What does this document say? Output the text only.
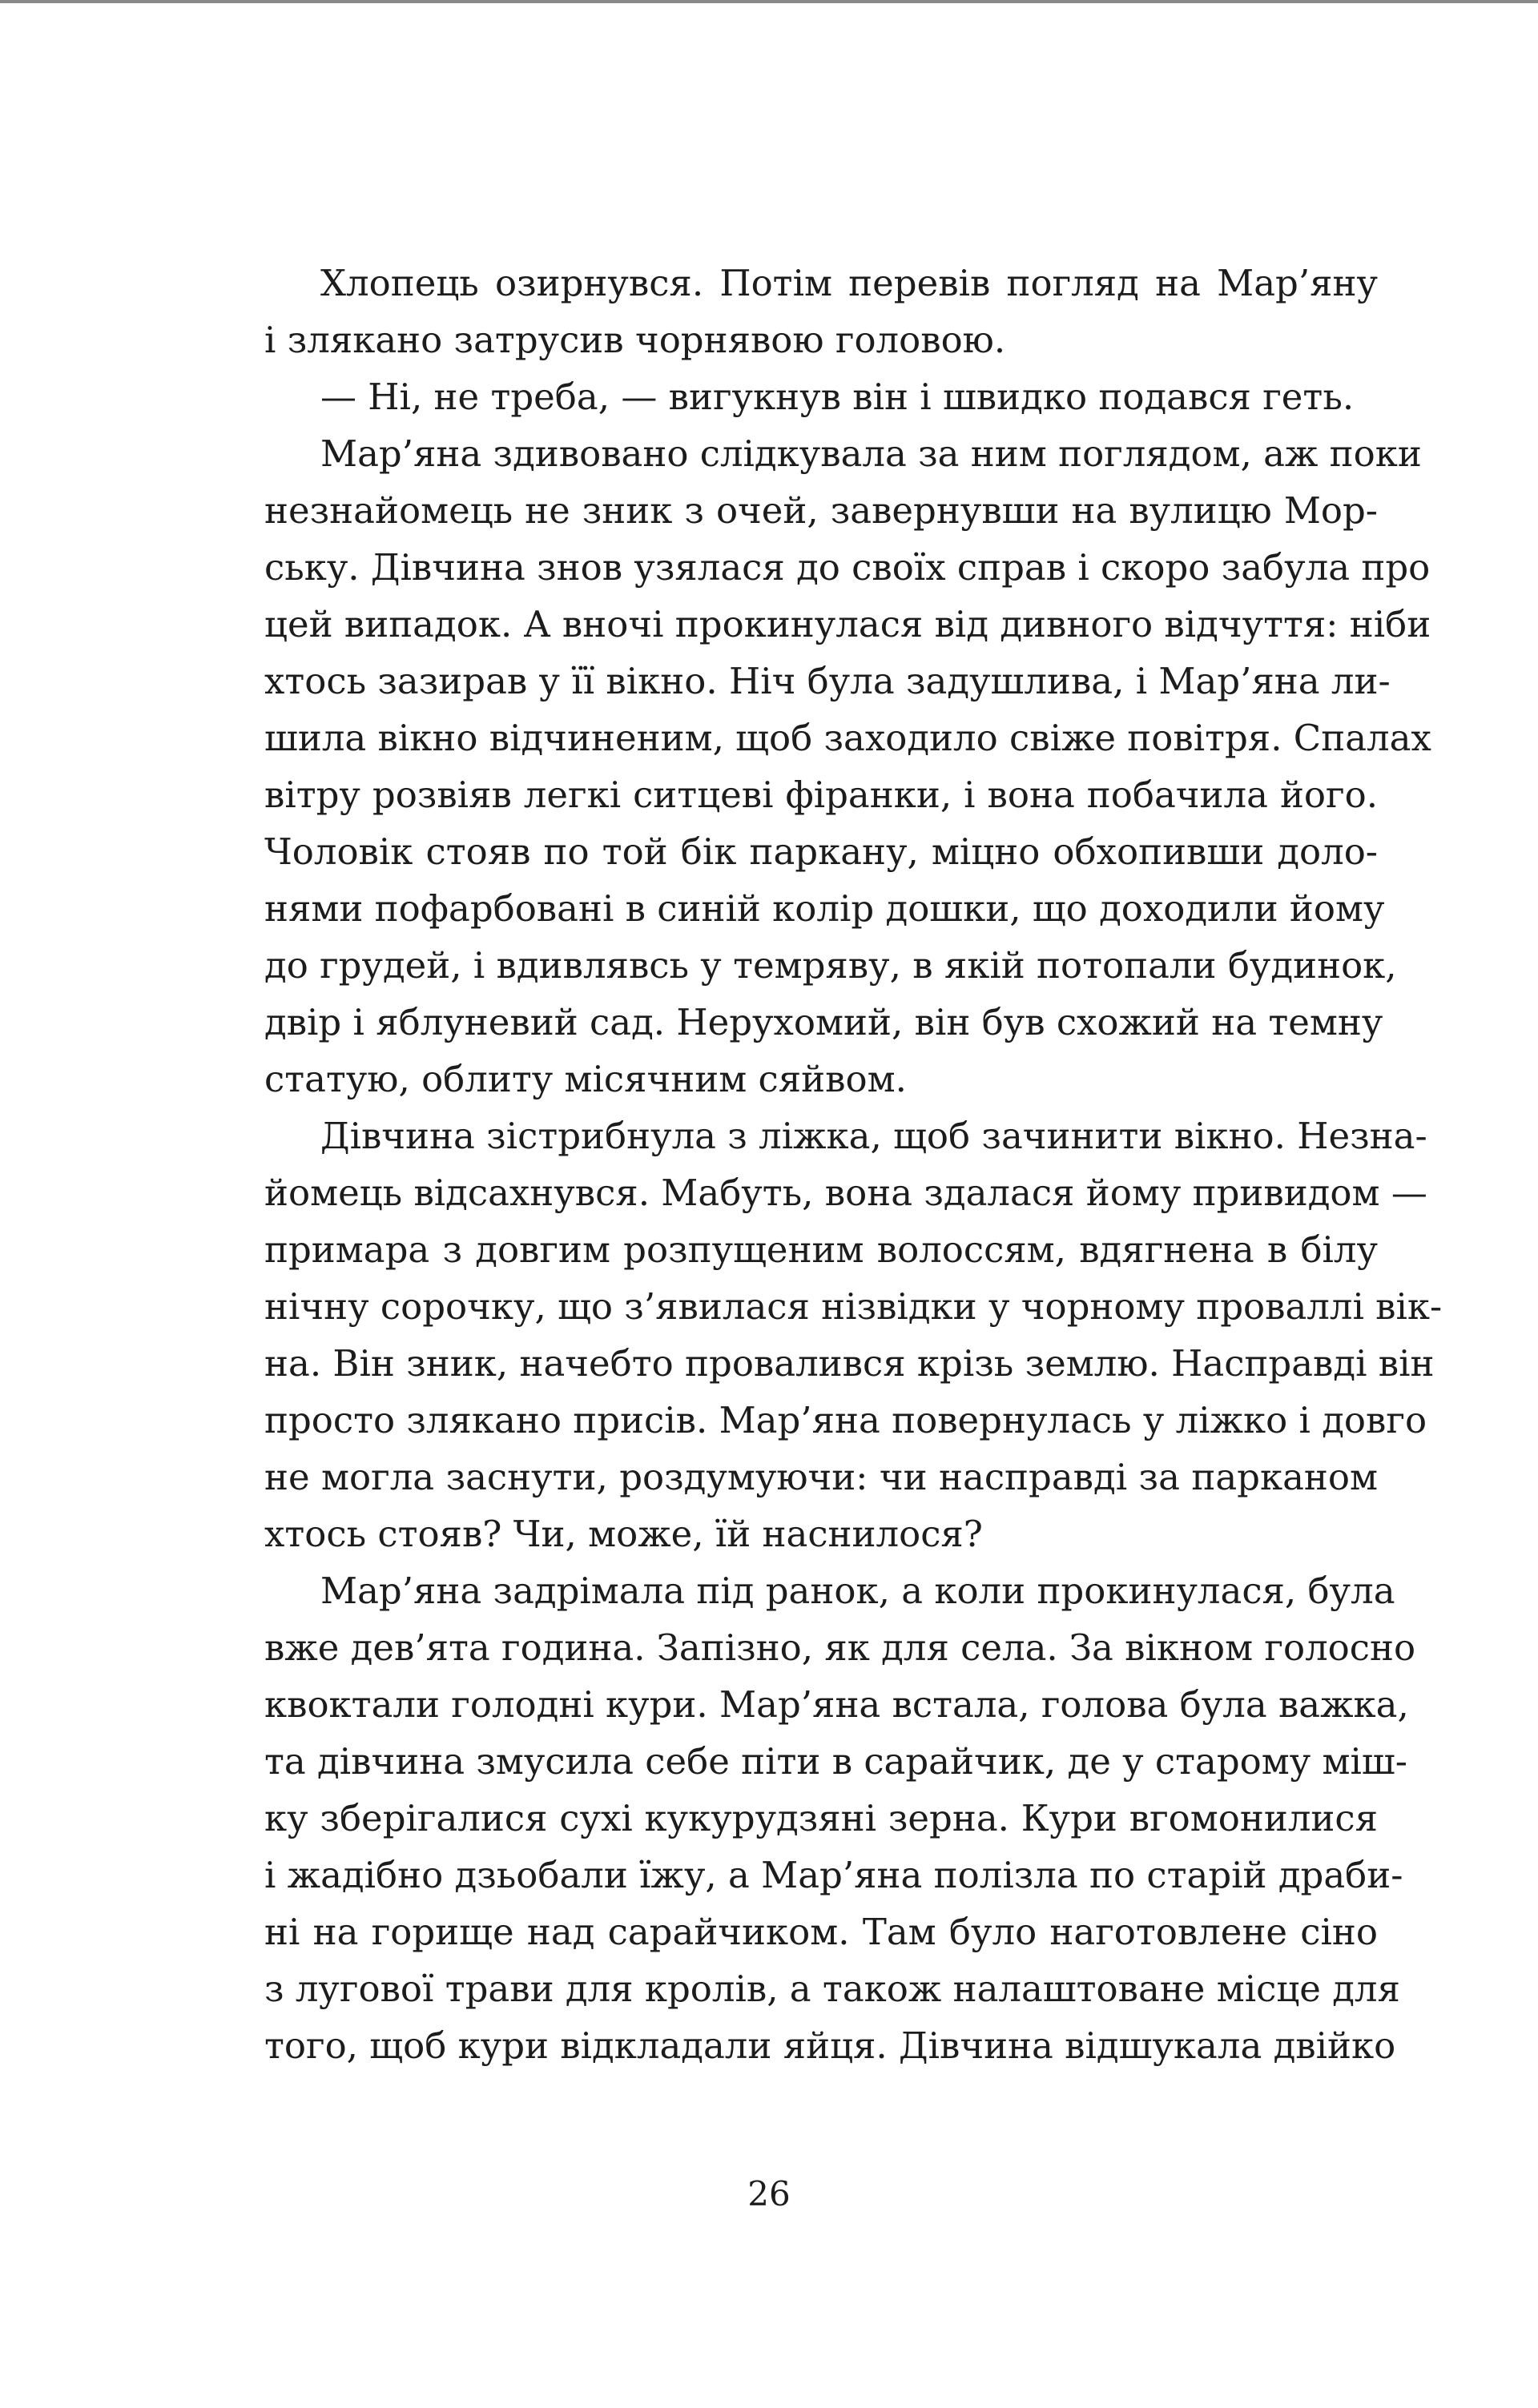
Хлопець озирнувся. Потім перевів погляд на Мар’яну
і злякано затрусив чорнявою головою.
— Ні, не треба, — вигукнув він і швидко подався геть.
Мар’яна здивовано слідкувала за ним поглядом, аж поки
незнайомець не зник з очей, завернувши на вулицю Мор-
ську. Дівчина знов узялася до своїх справ і скоро забула про
цей випадок. А вночі прокинулася від дивного відчуття: ніби
хтось зазирав у її вікно. Ніч була задушлива, і Мар’яна ли-
шила вікно відчиненим, щоб заходило свіже повітря. Спалах
вітру розвіяв легкі ситцеві фіранки, і вона побачила його.
Чоловік стояв по той бік паркану, міцно обхопивши доло-
нями пофарбовані в синій колір дошки, що доходили йому
до грудей, і вдивлявсь у темряву, в якій потопали будинок,
двір і яблуневий сад. Нерухомий, він був схожий на темну
статую, облиту місячним сяйвом.
Дівчина зістрибнула з ліжка, щоб зачинити вікно. Незна-
йомець відсахнувся. Мабуть, вона здалася йому привидом —
примара з довгим розпущеним волоссям, вдягнена в білу
нічну сорочку, що з’явилася нізвідки у чорному проваллі вік-
на. Він зник, начебто провалився крізь землю. Насправді він
просто злякано присів. Мар’яна повернулась у ліжко і довго
не могла заснути, роздумуючи: чи насправді за парканом
хтось стояв? Чи, може, їй наснилося?
Мар’яна задрімала під ранок, а коли прокинулася, була
вже дев’ята година. Запізно, як для села. За вікном голосно
квоктали голодні кури. Мар’яна встала, голова була важка,
та дівчина змусила себе піти в сарайчик, де у старому міш-
ку зберігалися сухі кукурудзяні зерна. Кури вгомонилися
і жадібно дзьобали їжу, а Мар’яна полізла по старій драби-
ні на горище над сарайчиком. Там було наготовлене сіно
з лугової трави для кролів, а також налаштоване місце для
того, щоб кури відкладали яйця. Дівчина відшукала двійко
26
